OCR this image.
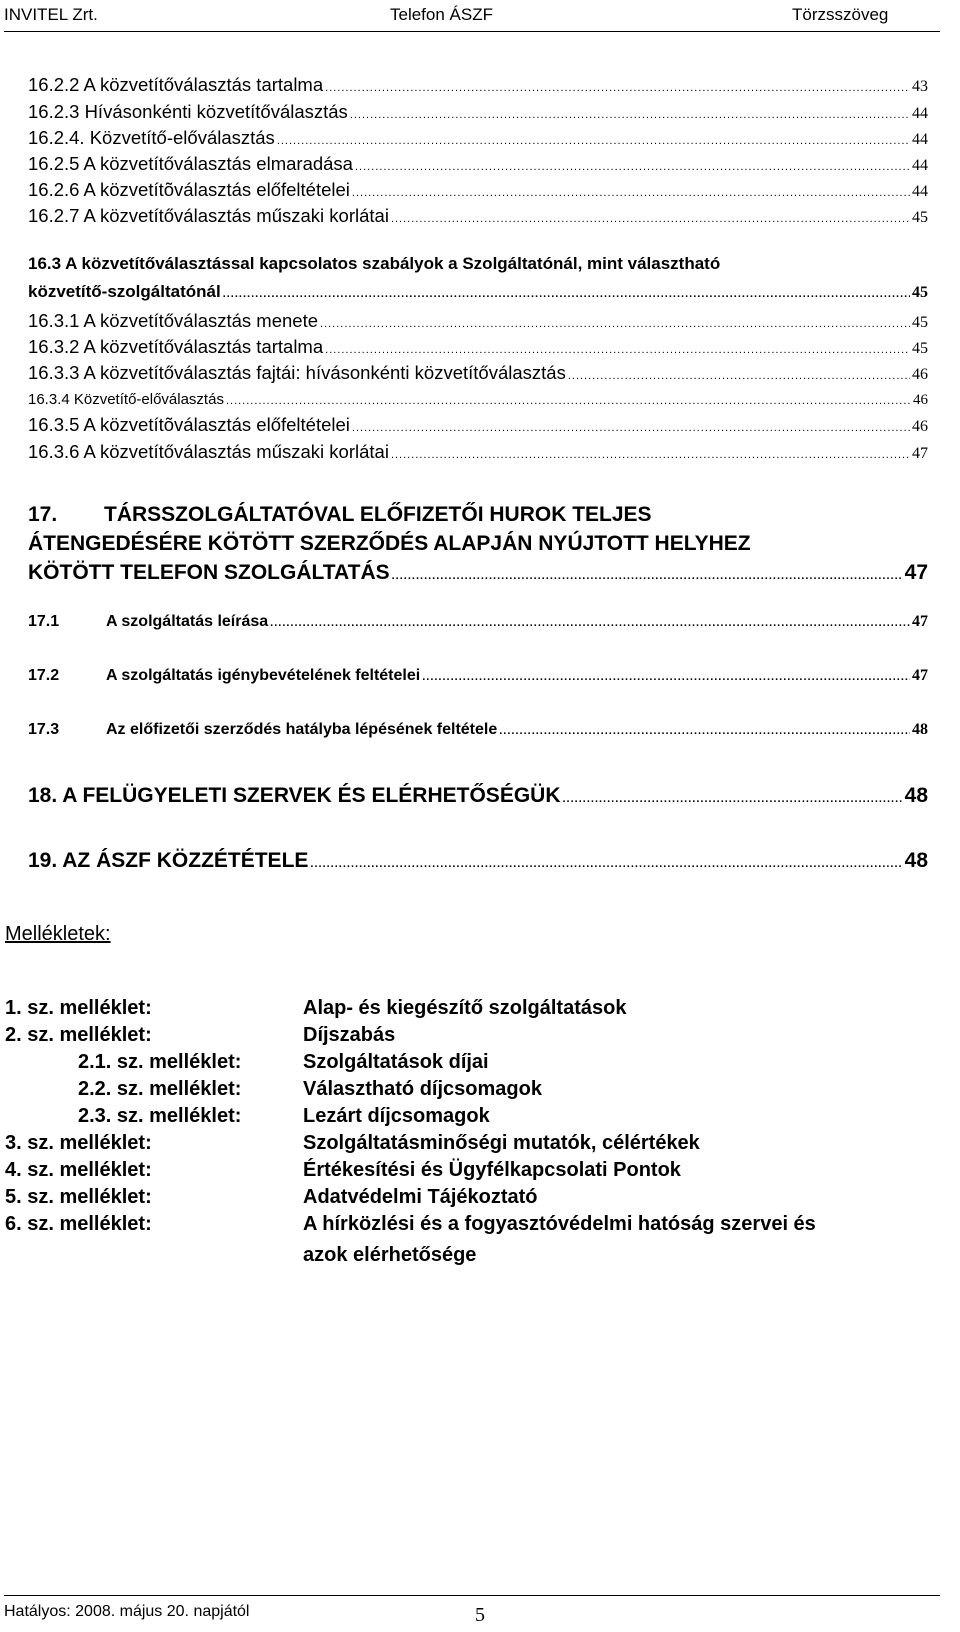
INVITEL Zrt.	Telefon ÁSZF	Törzsszöveg
16.2.2 A közvetítőválasztás tartalma .....	43
16.2.3 Hívásonkénti közvetítőválasztás .....	44
16.2.4. Közvetítő-előválasztás .....	44
16.2.5 A közvetítőválasztás elmaradása .....	44
16.2.6 A közvetítõválasztás előfeltételei .....	44
16.2.7 A közvetítőválasztás műszaki korlátai .....	45
16.3 A közvetítőválasztással kapcsolatos szabályok a Szolgáltatónál, mint választható
közvetítő-szolgáltatónál .....	45
16.3.1 A közvetítőválasztás menete .....	45
16.3.2 A közvetítőválasztás tartalma .....	45
16.3.3 A közvetítőválasztás fajtái: hívásonkénti közvetítőválasztás .....	46
16.3.4 Közvetítő-előválasztás .....	46
16.3.5 A közvetítõválasztás előfeltételei .....	46
16.3.6 A közvetítőválasztás műszaki korlátai .....	47
17. TÁRSSZOLGÁLTATÓVAL ELŐFIZETŐI HUROK TELJES
ÁTENGEDÉSÉRE KÖTÖTT SZERZŐDÉS ALAPJÁN NYÚJTOTT HELYHEZ
KÖTÖTT TELEFON SZOLGÁLTATÁS .....	47
17.1	A szolgáltatás leírása .....	47
17.2	A szolgáltatás igénybevételének feltételei .....	47
17.3	Az előfizetői szerződés hatályba lépésének feltétele .....	48
18. A FELÜGYELETI SZERVEK ÉS ELÉRHETŐSÉGÜK .....	48
19. AZ ÁSZF KÖZZÉTÉTELE .....	48
Mellékletek:
1. sz. melléklet:	Alap- és kiegészítő szolgáltatások
2. sz. melléklet:	Díjszabás
2.1. sz. melléklet:	Szolgáltatások díjai
2.2. sz. melléklet:	Választható díjcsomagok
2.3. sz. melléklet:	Lezárt díjcsomagok
3. sz. melléklet:	Szolgáltatásminőségi mutatók, célértékek
4. sz. melléklet:	Értékesítési és Ügyfélkapcsolati Pontok
5. sz. melléklet:	Adatvédelmi Tájékoztató
6. sz. melléklet:	A hírközlési és a fogyasztóvédelmi hatóság szervei és
azok elérhetősége
Hatályos: 2008. május 20. napjától	5
